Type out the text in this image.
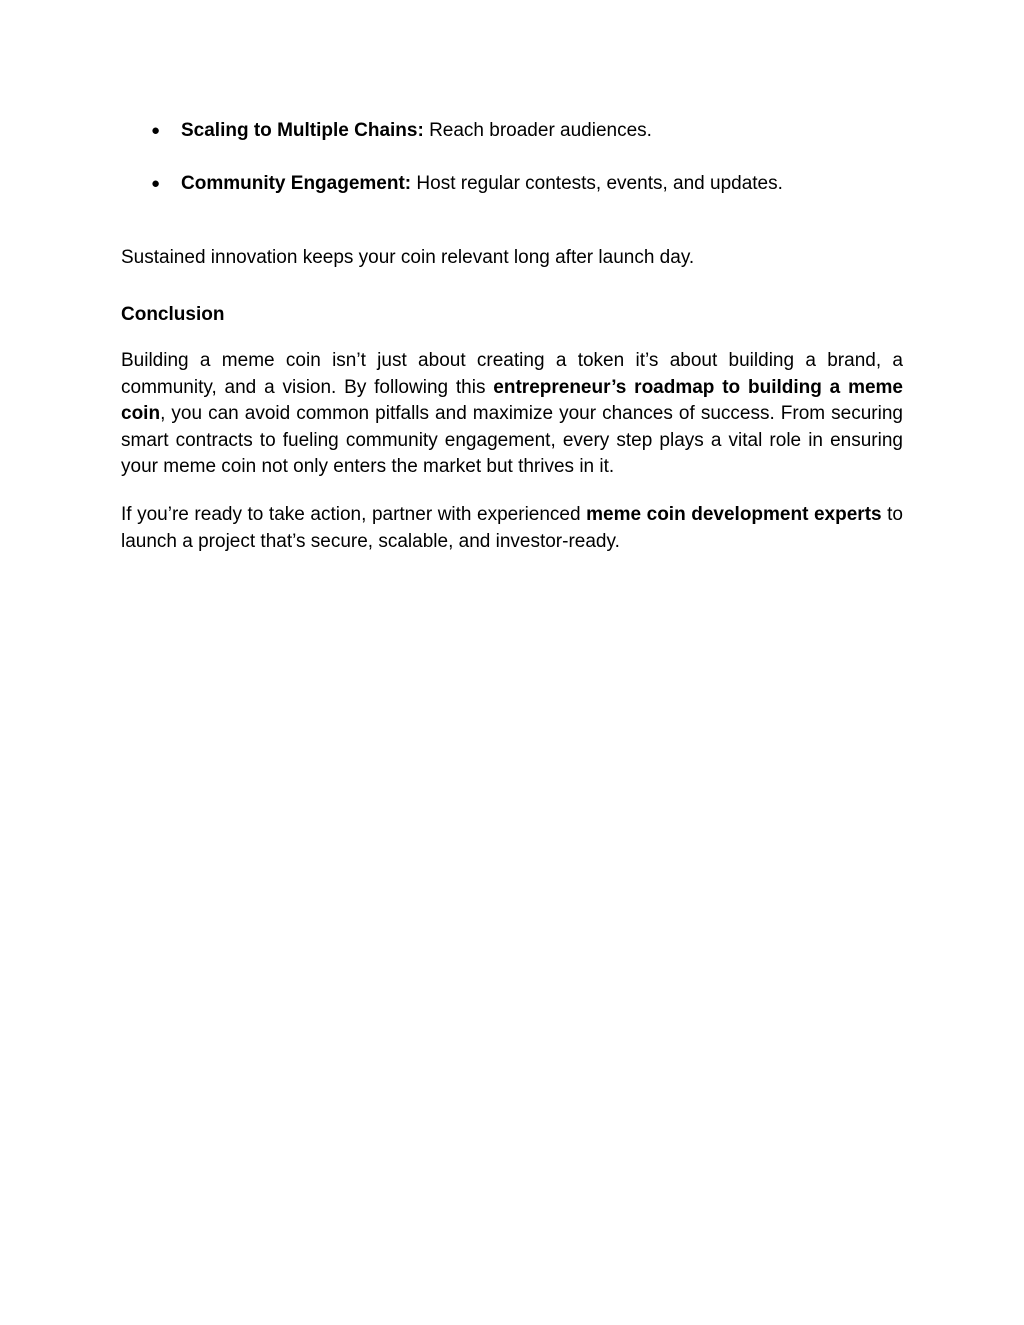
● Scaling to Multiple Chains: Reach broader audiences.
● Community Engagement: Host regular contests, events, and updates.

Sustained innovation keeps your coin relevant long after launch day.

Conclusion

Building a meme coin isn’t just about creating a token it’s about building a brand, a community, and a vision. By following this entrepreneur’s roadmap to building a meme coin, you can avoid common pitfalls and maximize your chances of success. From securing smart contracts to fueling community engagement, every step plays a vital role in ensuring your meme coin not only enters the market but thrives in it.

If you’re ready to take action, partner with experienced meme coin development experts to launch a project that’s secure, scalable, and investor-ready.
